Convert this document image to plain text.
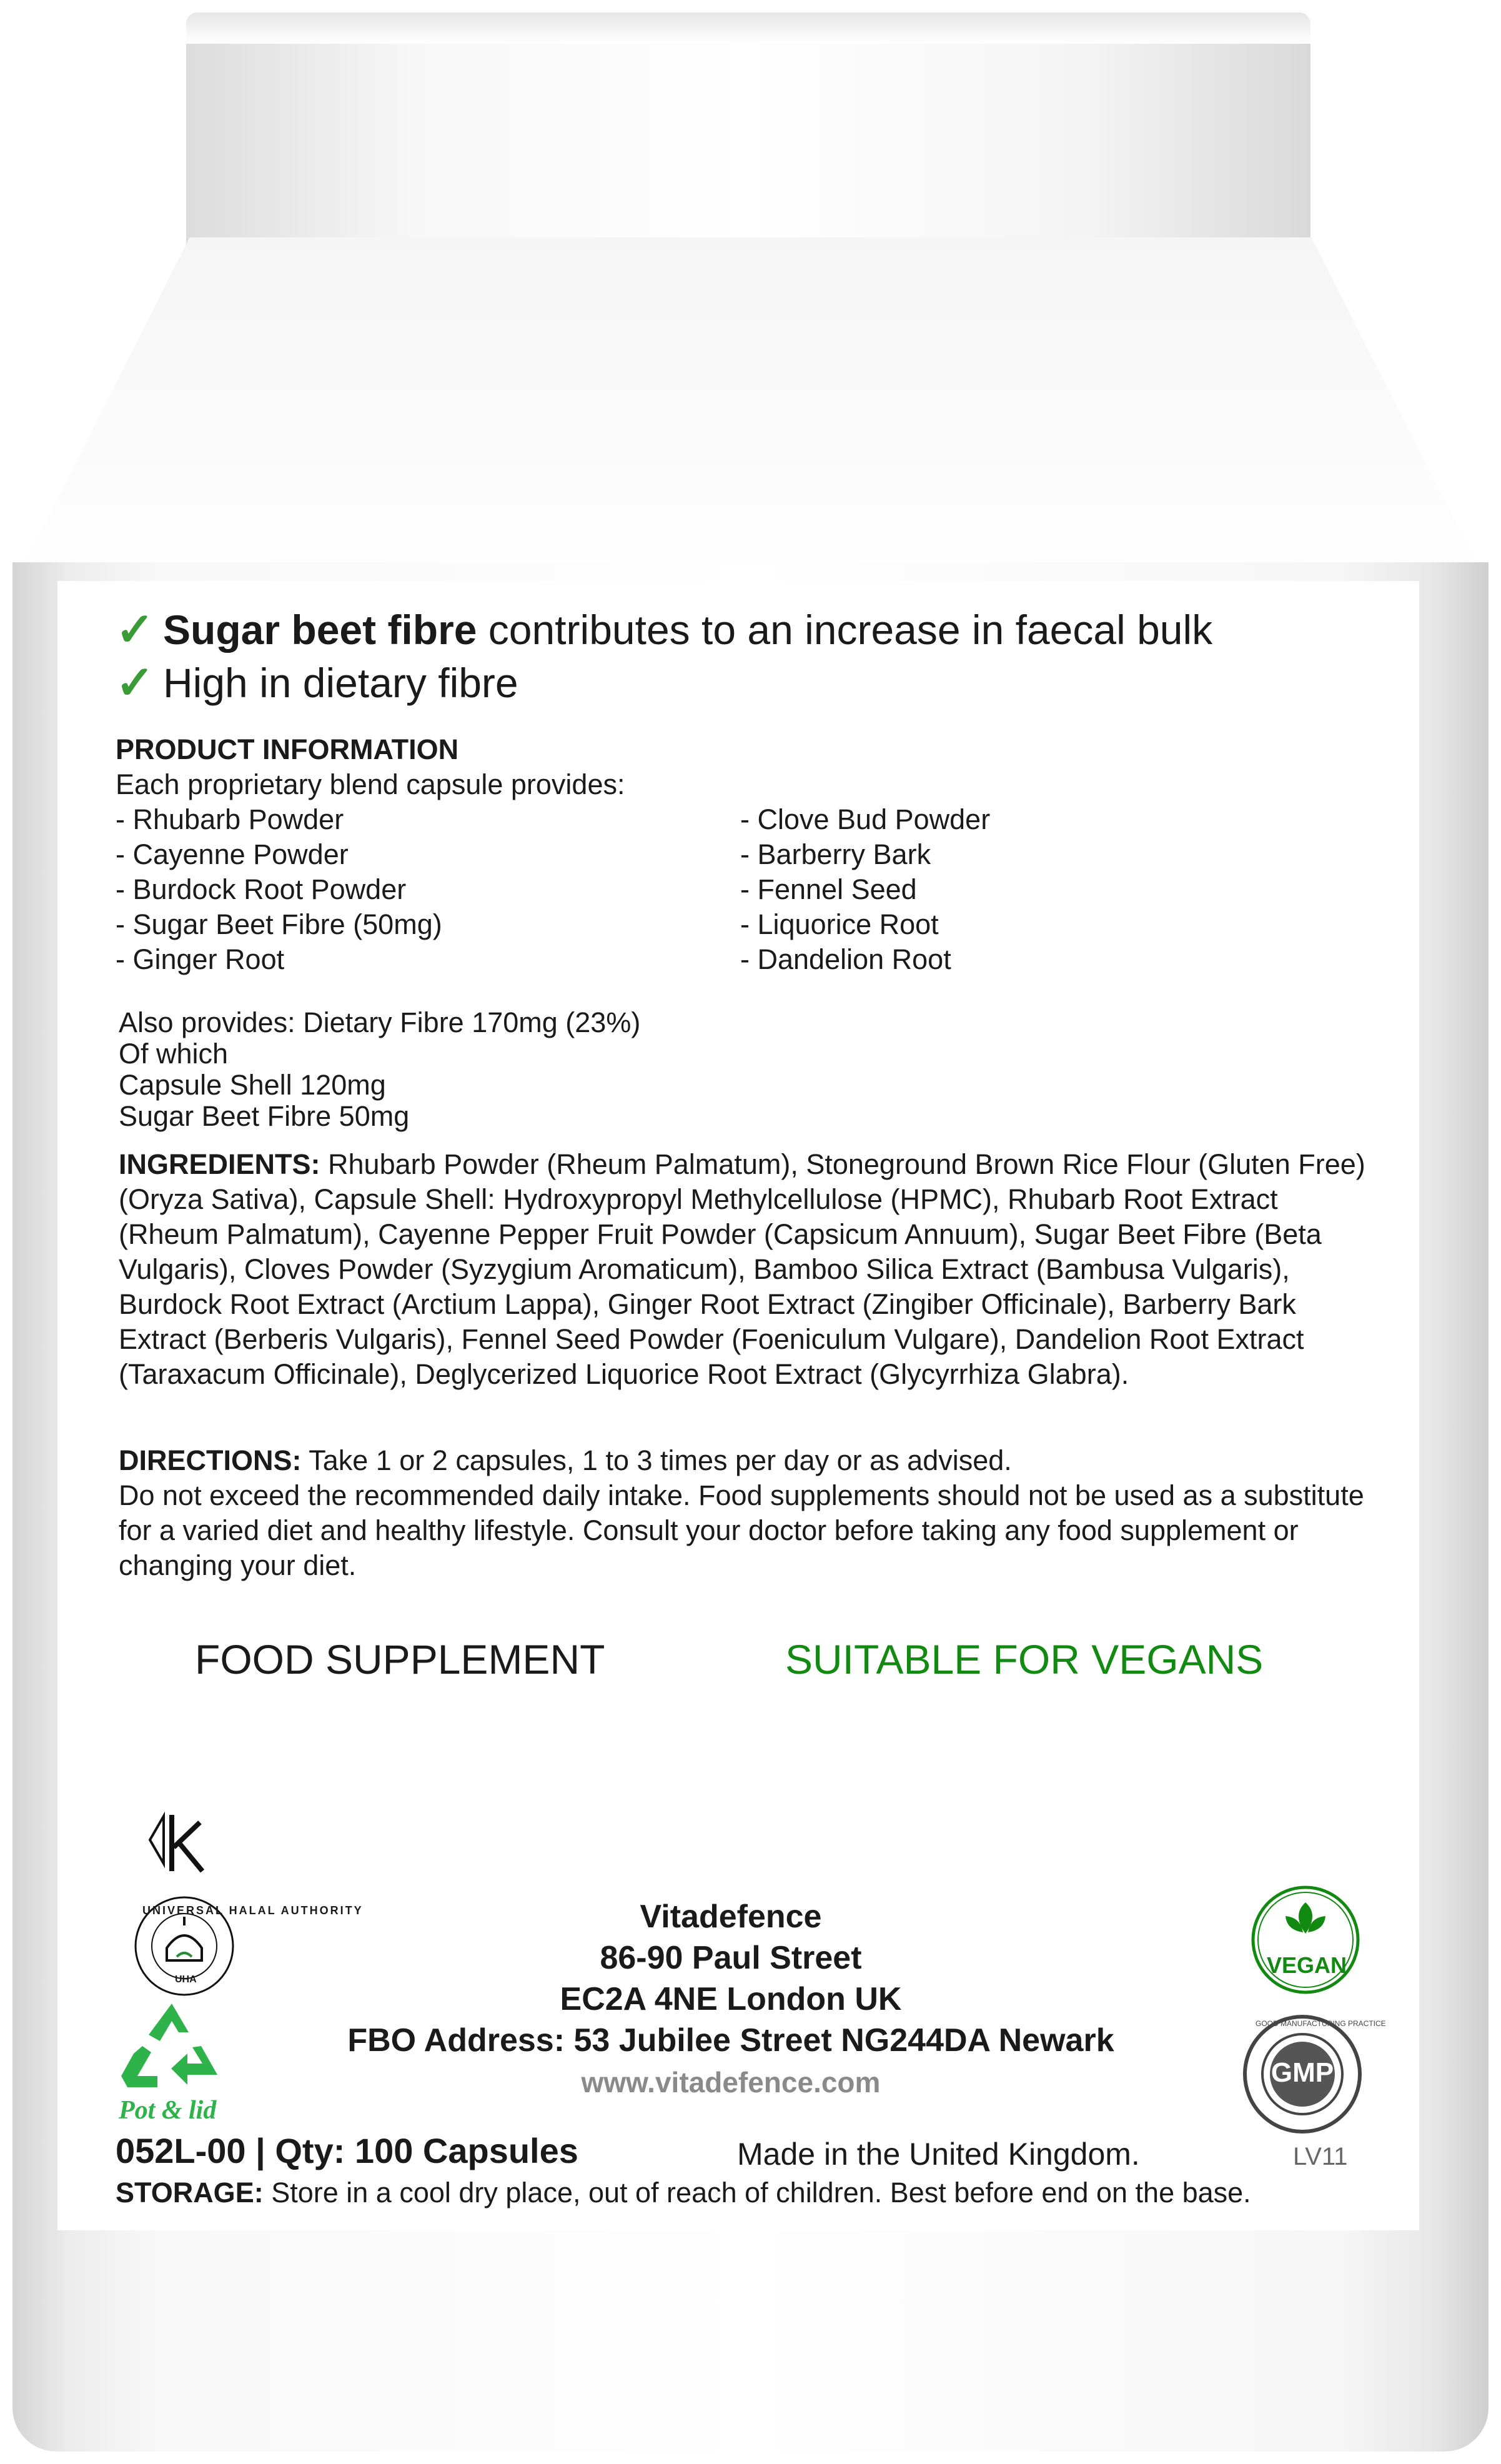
✓ Sugar beet fibre contributes to an increase in faecal bulk
✓ High in dietary fibre
PRODUCT INFORMATION
Each proprietary blend capsule provides:
- Rhubarb Powder
- Cayenne Powder
- Burdock Root Powder
- Sugar Beet Fibre (50mg)
- Ginger Root
- Clove Bud Powder
- Barberry Bark
- Fennel Seed
- Liquorice Root
- Dandelion Root
Also provides: Dietary Fibre 170mg (23%)
Of which
Capsule Shell 120mg
Sugar Beet Fibre 50mg
INGREDIENTS: Rhubarb Powder (Rheum Palmatum), Stoneground Brown Rice Flour (Gluten Free) (Oryza Sativa), Capsule Shell: Hydroxypropyl Methylcellulose (HPMC), Rhubarb Root Extract (Rheum Palmatum), Cayenne Pepper Fruit Powder (Capsicum Annuum), Sugar Beet Fibre (Beta Vulgaris), Cloves Powder (Syzygium Aromaticum), Bamboo Silica Extract (Bambusa Vulgaris), Burdock Root Extract (Arctium Lappa), Ginger Root Extract (Zingiber Officinale), Barberry Bark Extract (Berberis Vulgaris), Fennel Seed Powder (Foeniculum Vulgare), Dandelion Root Extract (Taraxacum Officinale), Deglycerized Liquorice Root Extract (Glycyrrhiza Glabra).
DIRECTIONS: Take 1 or 2 capsules, 1 to 3 times per day or as advised.
Do not exceed the recommended daily intake. Food supplements should not be used as a substitute for a varied diet and healthy lifestyle. Consult your doctor before taking any food supplement or changing your diet.
FOOD SUPPLEMENT	SUITABLE FOR VEGANS
UNIVERSAL HALAL AUTHORITY
UHA
Pot & lid
Vitadefence
86-90 Paul Street
EC2A 4NE London UK
FBO Address: 53 Jubilee Street NG244DA Newark
www.vitadefence.com
VEGAN
GMP
GOOD MANUFACTURING PRACTICE
052L-00 | Qty: 100 Capsules	Made in the United Kingdom.	LV11
STORAGE: Store in a cool dry place, out of reach of children. Best before end on the base.
